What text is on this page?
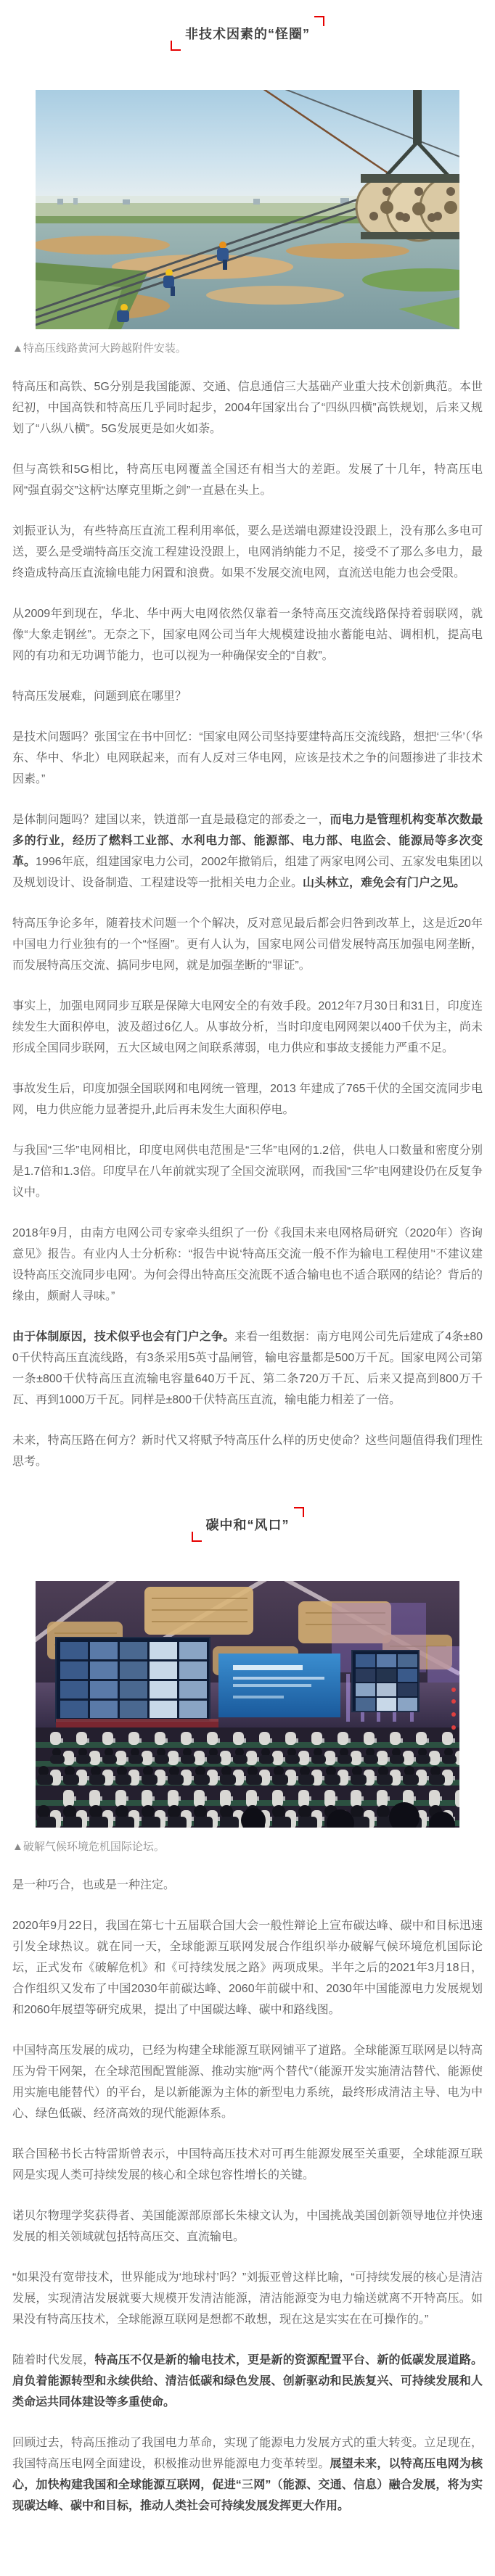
非技术因素的“怪圈”
▲特高压线路黄河大跨越附件安装。

特高压和高铁、5G分别是我国能源、交通、信息通信三大基础产业重大技术创新典范。本世纪初，中国高铁和特高压几乎同时起步，2004年国家出台了“四纵四横”高铁规划，后来又规划了“八纵八横”。5G发展更是如火如荼。

但与高铁和5G相比，特高压电网覆盖全国还有相当大的差距。发展了十几年，特高压电网“强直弱交”这柄“达摩克里斯之剑”一直悬在头上。

刘振亚认为，有些特高压直流工程利用率低，要么是送端电源建设没跟上，没有那么多电可送，要么是受端特高压交流工程建设没跟上，电网消纳能力不足，接受不了那么多电力，最终造成特高压直流输电能力闲置和浪费。如果不发展交流电网，直流送电能力也会受限。

从2009年到现在，华北、华中两大电网依然仅靠着一条特高压交流线路保持着弱联网，就像“大象走钢丝”。无奈之下，国家电网公司当年大规模建设抽水蓄能电站、调相机，提高电网的有功和无功调节能力，也可以视为一种确保安全的“自救”。

特高压发展难，问题到底在哪里？

是技术问题吗？张国宝在书中回忆：“国家电网公司坚持要建特高压交流线路，想把‘三华’（华东、华中、华北）电网联起来，而有人反对三华电网，应该是技术之争的问题掺进了非技术因素。”

是体制问题吗？建国以来，铁道部一直是最稳定的部委之一，而电力是管理机构变革次数最多的行业，经历了燃料工业部、水利电力部、能源部、电力部、电监会、能源局等多次变革。1996年底，组建国家电力公司，2002年撤销后，组建了两家电网公司、五家发电集团以及规划设计、设备制造、工程建设等一批相关电力企业。山头林立，难免会有门户之见。

特高压争论多年，随着技术问题一个个解决，反对意见最后都会归咎到改革上，这是近20年中国电力行业独有的一个“怪圈”。更有人认为，国家电网公司借发展特高压加强电网垄断，而发展特高压交流、搞同步电网，就是加强垄断的“罪证”。

事实上，加强电网同步互联是保障大电网安全的有效手段。2012年7月30日和31日，印度连续发生大面积停电，波及超过6亿人。从事故分析，当时印度电网网架以400千伏为主，尚未形成全国同步联网，五大区域电网之间联系薄弱，电力供应和事故支援能力严重不足。

事故发生后，印度加强全国联网和电网统一管理，2013 年建成了765千伏的全国交流同步电网，电力供应能力显著提升,此后再未发生大面积停电。

与我国“三华”电网相比，印度电网供电范围是“三华”电网的1.2倍，供电人口数量和密度分别是1.7倍和1.3倍。印度早在八年前就实现了全国交流联网，而我国“三华”电网建设仍在反复争议中。

2018年9月，由南方电网公司专家牵头组织了一份《我国未来电网格局研究（2020年）咨询意见》报告。有业内人士分析称：“报告中说‘特高压交流一般不作为输电工程使用’‘不建议建设特高压交流同步电网’。为何会得出特高压交流既不适合输电也不适合联网的结论？背后的缘由，颇耐人寻味。”

由于体制原因，技术似乎也会有门户之争。来看一组数据：南方电网公司先后建成了4条±800千伏特高压直流线路，有3条采用5英寸晶闸管，输电容量都是500万千瓦。国家电网公司第一条±800千伏特高压直流输电容量640万千瓦、第二条720万千瓦、后来又提高到800万千瓦、再到1000万千瓦。同样是±800千伏特高压直流，输电能力相差了一倍。

未来，特高压路在何方？新时代又将赋予特高压什么样的历史使命？这些问题值得我们理性思考。

碳中和“风口”
▲破解气候环境危机国际论坛。

是一种巧合，也或是一种注定。

2020年9月22日，我国在第七十五届联合国大会一般性辩论上宣布碳达峰、碳中和目标迅速引发全球热议。就在同一天，全球能源互联网发展合作组织举办破解气候环境危机国际论坛，正式发布《破解危机》和《可持续发展之路》两项成果。半年之后的2021年3月18日，合作组织又发布了中国2030年前碳达峰、2060年前碳中和、2030年中国能源电力发展规划和2060年展望等研究成果，提出了中国碳达峰、碳中和路线图。

中国特高压发展的成功，已经为构建全球能源互联网铺平了道路。全球能源互联网是以特高压为骨干网架，在全球范围配置能源、推动实施“两个替代”（能源开发实施清洁替代、能源使用实施电能替代）的平台，是以新能源为主体的新型电力系统，最终形成清洁主导、电为中心、绿色低碳、经济高效的现代能源体系。

联合国秘书长古特雷斯曾表示，中国特高压技术对可再生能源发展至关重要，全球能源互联网是实现人类可持续发展的核心和全球包容性增长的关键。

诺贝尔物理学奖获得者、美国能源部原部长朱棣文认为，中国挑战美国创新领导地位并快速发展的相关领域就包括特高压交、直流输电。

“如果没有宽带技术，世界能成为‘地球村’吗？”刘振亚曾这样比喻，“可持续发展的核心是清洁发展，实现清洁发展就要大规模开发清洁能源，清洁能源变为电力输送就离不开特高压。如果没有特高压技术，全球能源互联网是想都不敢想，现在这是实实在在可操作的。”

随着时代发展，特高压不仅是新的输电技术，更是新的资源配置平台、新的低碳发展道路。肩负着能源转型和永续供给、清洁低碳和绿色发展、创新驱动和民族复兴、可持续发展和人类命运共同体建设等多重使命。

回顾过去，特高压推动了我国电力革命，实现了能源电力发展方式的重大转变。立足现在，我国特高压电网全面建设，积极推动世界能源电力变革转型。展望未来，以特高压电网为核心，加快构建我国和全球能源互联网，促进“三网”（能源、交通、信息）融合发展，将为实现碳达峰、碳中和目标，推动人类社会可持续发展发挥更大作用。
